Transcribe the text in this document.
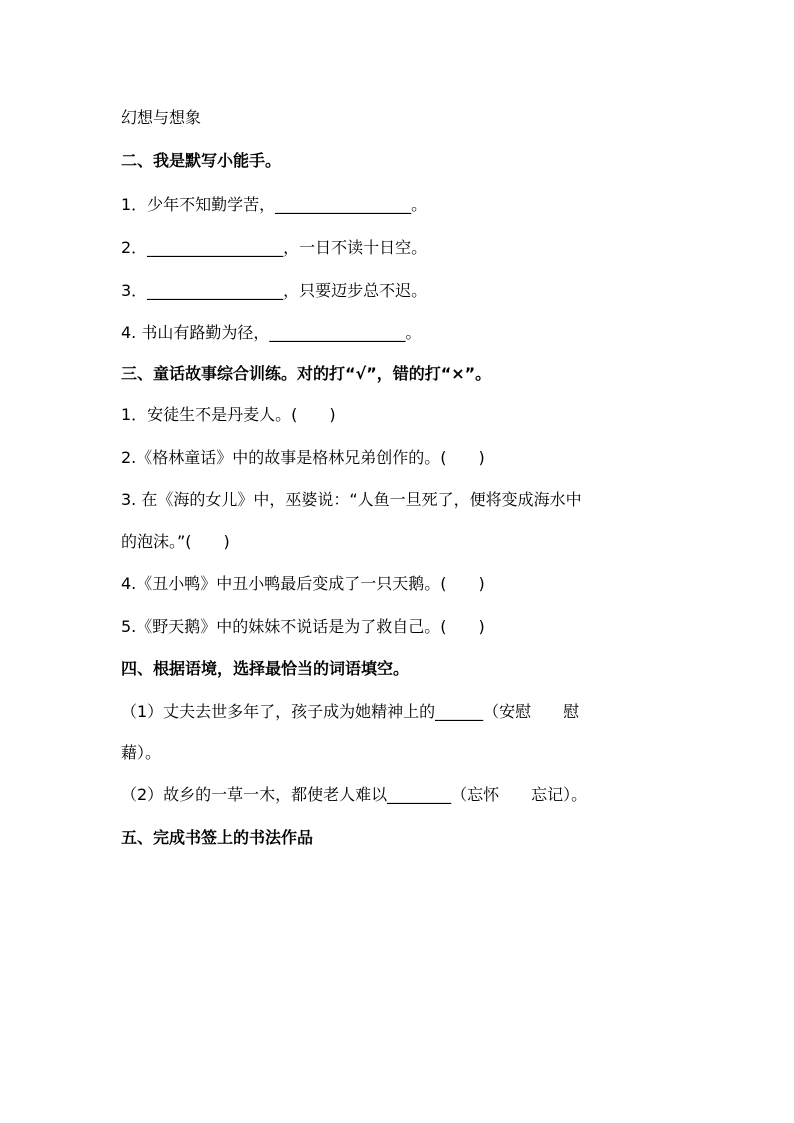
幻想与想象
二、我是默写小能手。
1．少年不知勤学苦，_________________。
2．_________________，一日不读十日空。
3．_________________，只要迈步总不迟。
4. 书山有路勤为径，_________________。
三、童话故事综合训练。对的打“√”，错的打“×”。
1．安徒生不是丹麦人。(　　)
2.《格林童话》中的故事是格林兄弟创作的。(　　)
3. 在《海的女儿》中，巫婆说：“人鱼一旦死了，便将变成海水中
的泡沫。”(　　)
4.《丑小鸭》中丑小鸭最后变成了一只天鹅。(　　)
5.《野天鹅》中的妹妹不说话是为了救自己。(　　)
四、根据语境，选择最恰当的词语填空。
（1）丈夫去世多年了，孩子成为她精神上的______（安慰　　慰
藉）。
（2）故乡的一草一木，都使老人难以________（忘怀　　忘记）。
五、完成书签上的书法作品
